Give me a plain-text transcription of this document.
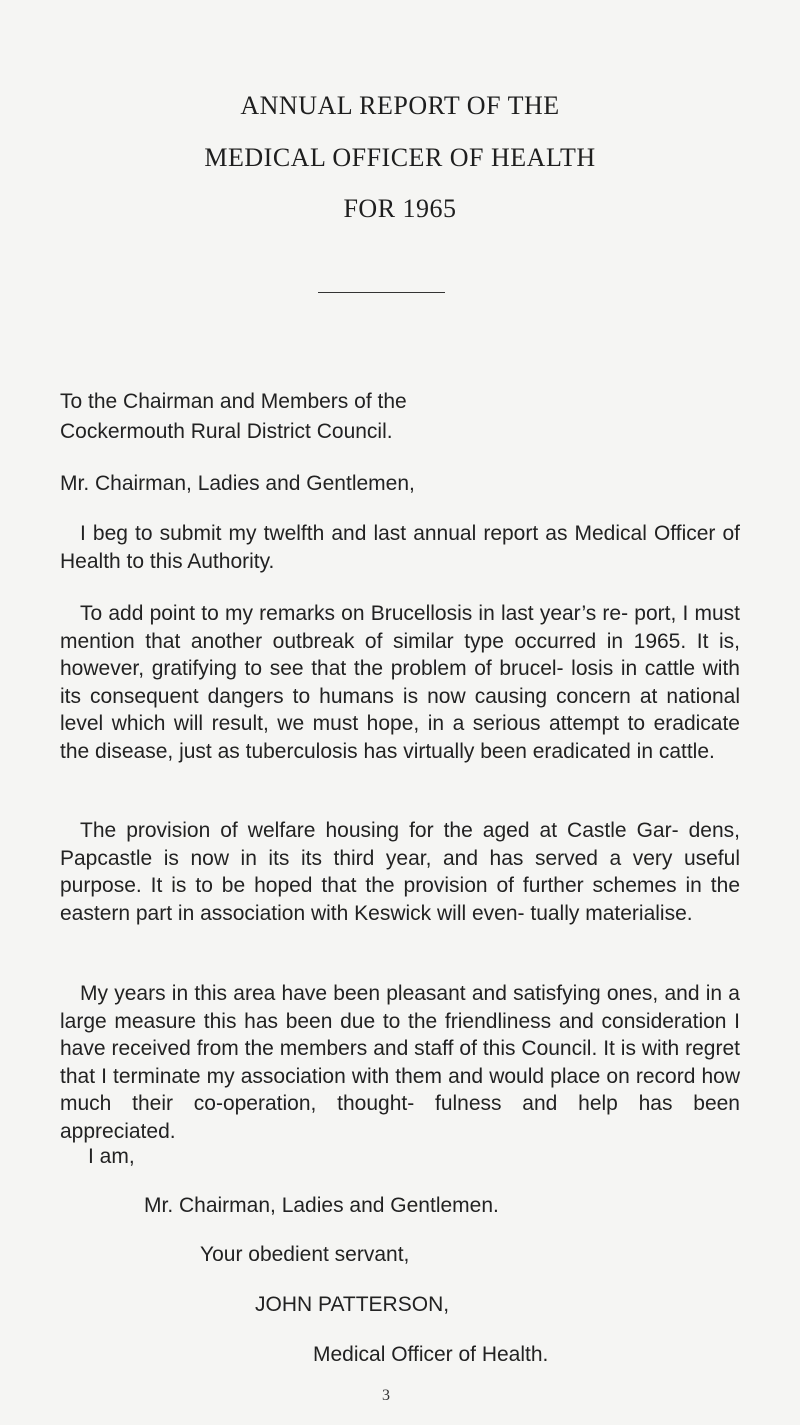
ANNUAL REPORT OF THE
MEDICAL OFFICER OF HEALTH
FOR 1965
To the Chairman and Members of the
Cockermouth Rural District Council.
Mr. Chairman, Ladies and Gentlemen,

I beg to submit my twelfth and last annual report as Medical Officer of Health to this Authority.

To add point to my remarks on Brucellosis in last year’s re- port, I must mention that another outbreak of similar type occurred in 1965. It is, however, gratifying to see that the problem of brucel- losis in cattle with its consequent dangers to humans is now causing concern at national level which will result, we must hope, in a serious attempt to eradicate the disease, just as tuberculosis has virtually been eradicated in cattle.

The provision of welfare housing for the aged at Castle Gar- dens, Papcastle is now in its its third year, and has served a very useful purpose. It is to be hoped that the provision of further schemes in the eastern part in association with Keswick will even- tually materialise.

My years in this area have been pleasant and satisfying ones, and in a large measure this has been due to the friendliness and consideration I have received from the members and staff of this Council. It is with regret that I terminate my association with them and would place on record how much their co-operation, thought- fulness and help has been appreciated.

I am,
Mr. Chairman, Ladies and Gentlemen.
Your obedient servant,
JOHN PATTERSON,
Medical Officer of Health.
3
